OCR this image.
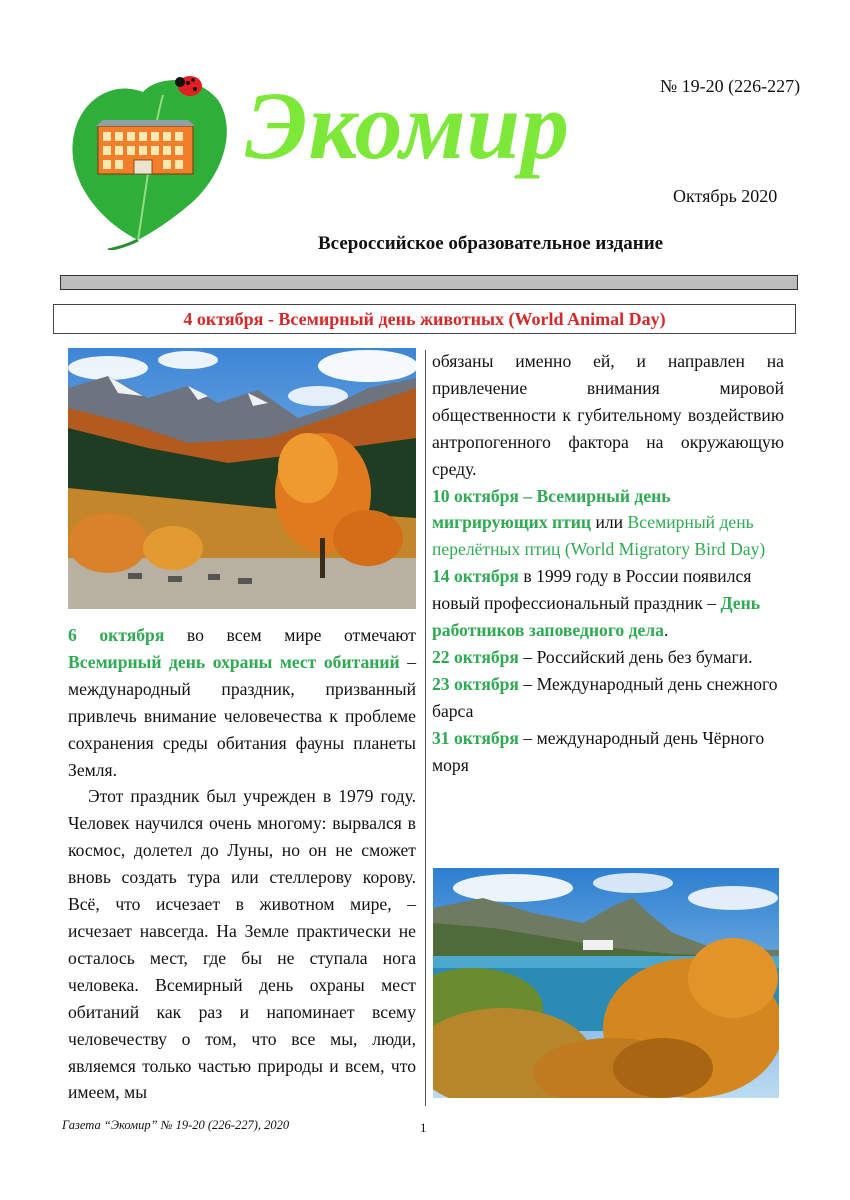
Экомир	№ 19-20 (226-227)
Октябрь 2020
Всероссийское образовательное издание
4 октября - Всемирный день животных (World Animal Day)

6 октября во всем мире отмечают Всемирный день охраны мест обитаний – международный праздник, призванный привлечь внимание человечества к проблеме сохранения среды обитания фауны планеты Земля.

Этот праздник был учрежден в 1979 году. Человек научился очень многому: вырвался в космос, долетел до Луны, но он не сможет вновь создать тура или стеллерову корову. Всё, что исчезает в животном мире, – исчезает навсегда. На Земле практически не осталось мест, где бы не ступала нога человека. Всемирный день охраны мест обитаний как раз и напоминает всему человечеству о том, что все мы, люди, являемся только частью природы и всем, что имеем, мы

обязаны именно ей, и направлен на привлечение внимания мировой общественности к губительному воздействию антропогенного фактора на окружающую среду.

10 октября – Всемирный день мигрирующих птиц или Всемирный день перелётных птиц (World Migratory Bird Day)

14 октября в 1999 году в России появился новый профессиональный праздник – День работников заповедного дела.

22 октября – Российский день без бумаги.

23 октября – Международный день снежного барса

31 октября – международный день Чёрного моря

Газета “Экомир” № 19-20 (226-227), 2020	1
